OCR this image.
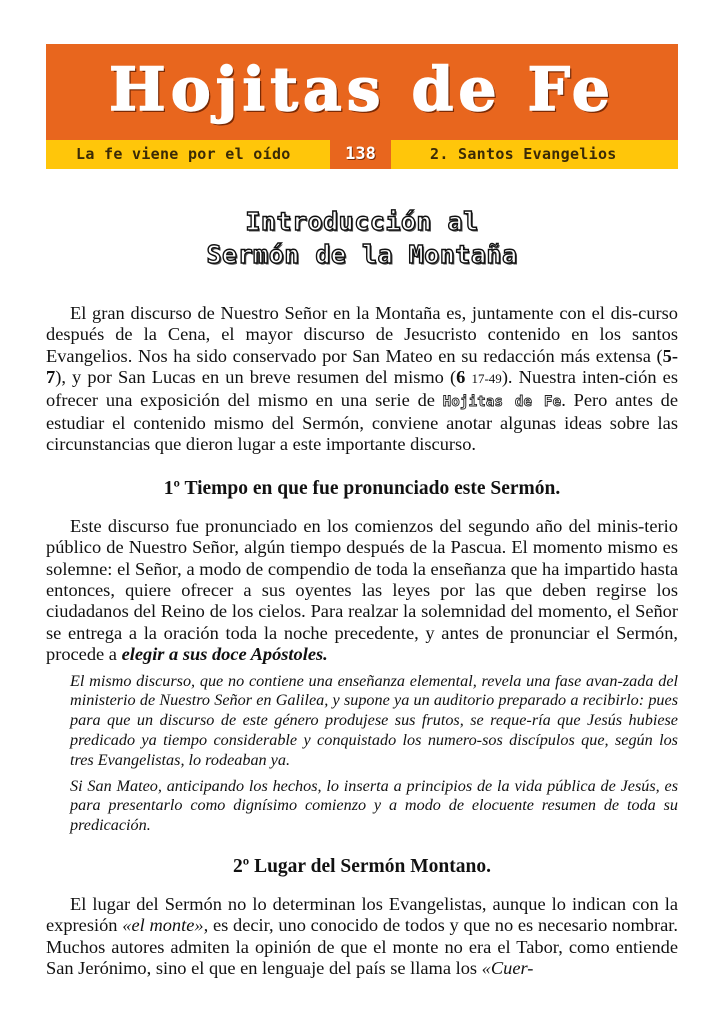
Hojitas de Fe
La fe viene por el oído	138	2. Santos Evangelios
Introducción al
Sermón de la Montaña

El gran discurso de Nuestro Señor en la Montaña es, juntamente con el dis-curso después de la Cena, el mayor discurso de Jesucristo contenido en los santos Evangelios. Nos ha sido conservado por San Mateo en su redacción más extensa (5-7), y por San Lucas en un breve resumen del mismo (6 17-49). Nuestra inten-ción es ofrecer una exposición del mismo en una serie de Hojitas de Fe. Pero antes de estudiar el contenido mismo del Sermón, conviene anotar algunas ideas sobre las circunstancias que dieron lugar a este importante discurso.

1º Tiempo en que fue pronunciado este Sermón.

Este discurso fue pronunciado en los comienzos del segundo año del minis-terio público de Nuestro Señor, algún tiempo después de la Pascua. El momento mismo es solemne: el Señor, a modo de compendio de toda la enseñanza que ha impartido hasta entonces, quiere ofrecer a sus oyentes las leyes por las que deben regirse los ciudadanos del Reino de los cielos. Para realzar la solemnidad del momento, el Señor se entrega a la oración toda la noche precedente, y antes de pronunciar el Sermón, procede a elegir a sus doce Apóstoles.

El mismo discurso, que no contiene una enseñanza elemental, revela una fase avan-zada del ministerio de Nuestro Señor en Galilea, y supone ya un auditorio preparado a recibirlo: pues para que un discurso de este género produjese sus frutos, se reque-ría que Jesús hubiese predicado ya tiempo considerable y conquistado los numero-sos discípulos que, según los tres Evangelistas, lo rodeaban ya.

Si San Mateo, anticipando los hechos, lo inserta a principios de la vida pública de Jesús, es para presentarlo como dignísimo comienzo y a modo de elocuente resumen de toda su predicación.

2º Lugar del Sermón Montano.

El lugar del Sermón no lo determinan los Evangelistas, aunque lo indican con la expresión «el monte», es decir, uno conocido de todos y que no es necesario nombrar. Muchos autores admiten la opinión de que el monte no era el Tabor, como entiende San Jerónimo, sino el que en lenguaje del país se llama los «Cuer-
